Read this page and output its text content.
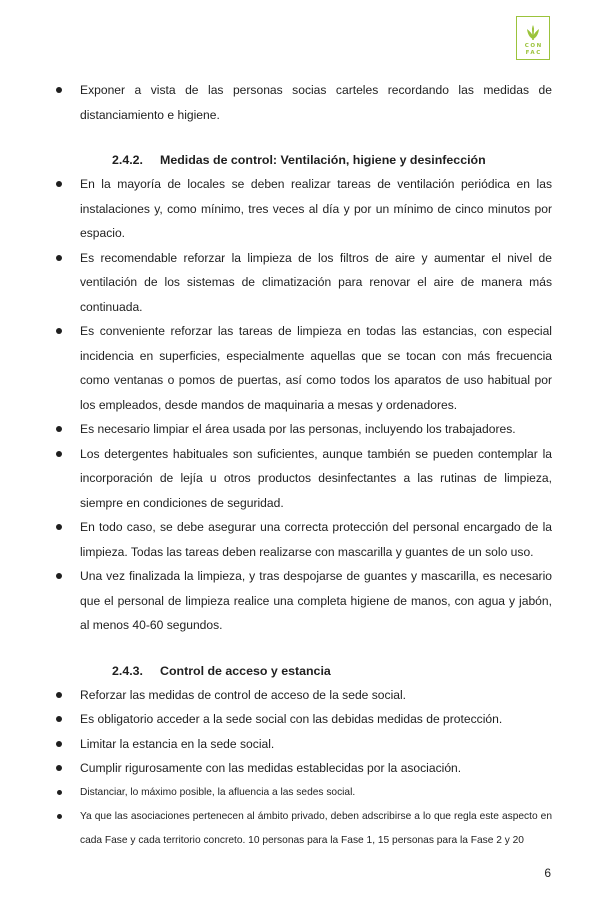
CON
FAC

Exponer a vista de las personas socias carteles recordando las medidas de distanciamiento e higiene.

2.4.2. Medidas de control: Ventilación, higiene y desinfección

En la mayoría de locales se deben realizar tareas de ventilación periódica en las instalaciones y, como mínimo, tres veces al día y por un mínimo de cinco minutos por espacio.

Es recomendable reforzar la limpieza de los filtros de aire y aumentar el nivel de ventilación de los sistemas de climatización para renovar el aire de manera más continuada.

Es conveniente reforzar las tareas de limpieza en todas las estancias, con especial incidencia en superficies, especialmente aquellas que se tocan con más frecuencia como ventanas o pomos de puertas, así como todos los aparatos de uso habitual por los empleados, desde mandos de maquinaria a mesas y ordenadores.

Es necesario limpiar el área usada por las personas, incluyendo los trabajadores.

Los detergentes habituales son suficientes, aunque también se pueden contemplar la incorporación de lejía u otros productos desinfectantes a las rutinas de limpieza, siempre en condiciones de seguridad.

En todo caso, se debe asegurar una correcta protección del personal encargado de la limpieza. Todas las tareas deben realizarse con mascarilla y guantes de un solo uso.

Una vez finalizada la limpieza, y tras despojarse de guantes y mascarilla, es necesario que el personal de limpieza realice una completa higiene de manos, con agua y jabón, al menos 40-60 segundos.

2.4.3. Control de acceso y estancia

Reforzar las medidas de control de acceso de la sede social.

Es obligatorio acceder a la sede social con las debidas medidas de protección.

Limitar la estancia en la sede social.

Cumplir rigurosamente con las medidas establecidas por la asociación.

Distanciar, lo máximo posible, la afluencia a las sedes social.

Ya que las asociaciones pertenecen al ámbito privado, deben adscribirse a lo que regla este aspecto en cada Fase y cada territorio concreto. 10 personas para la Fase 1, 15 personas para la Fase 2 y 20

6
